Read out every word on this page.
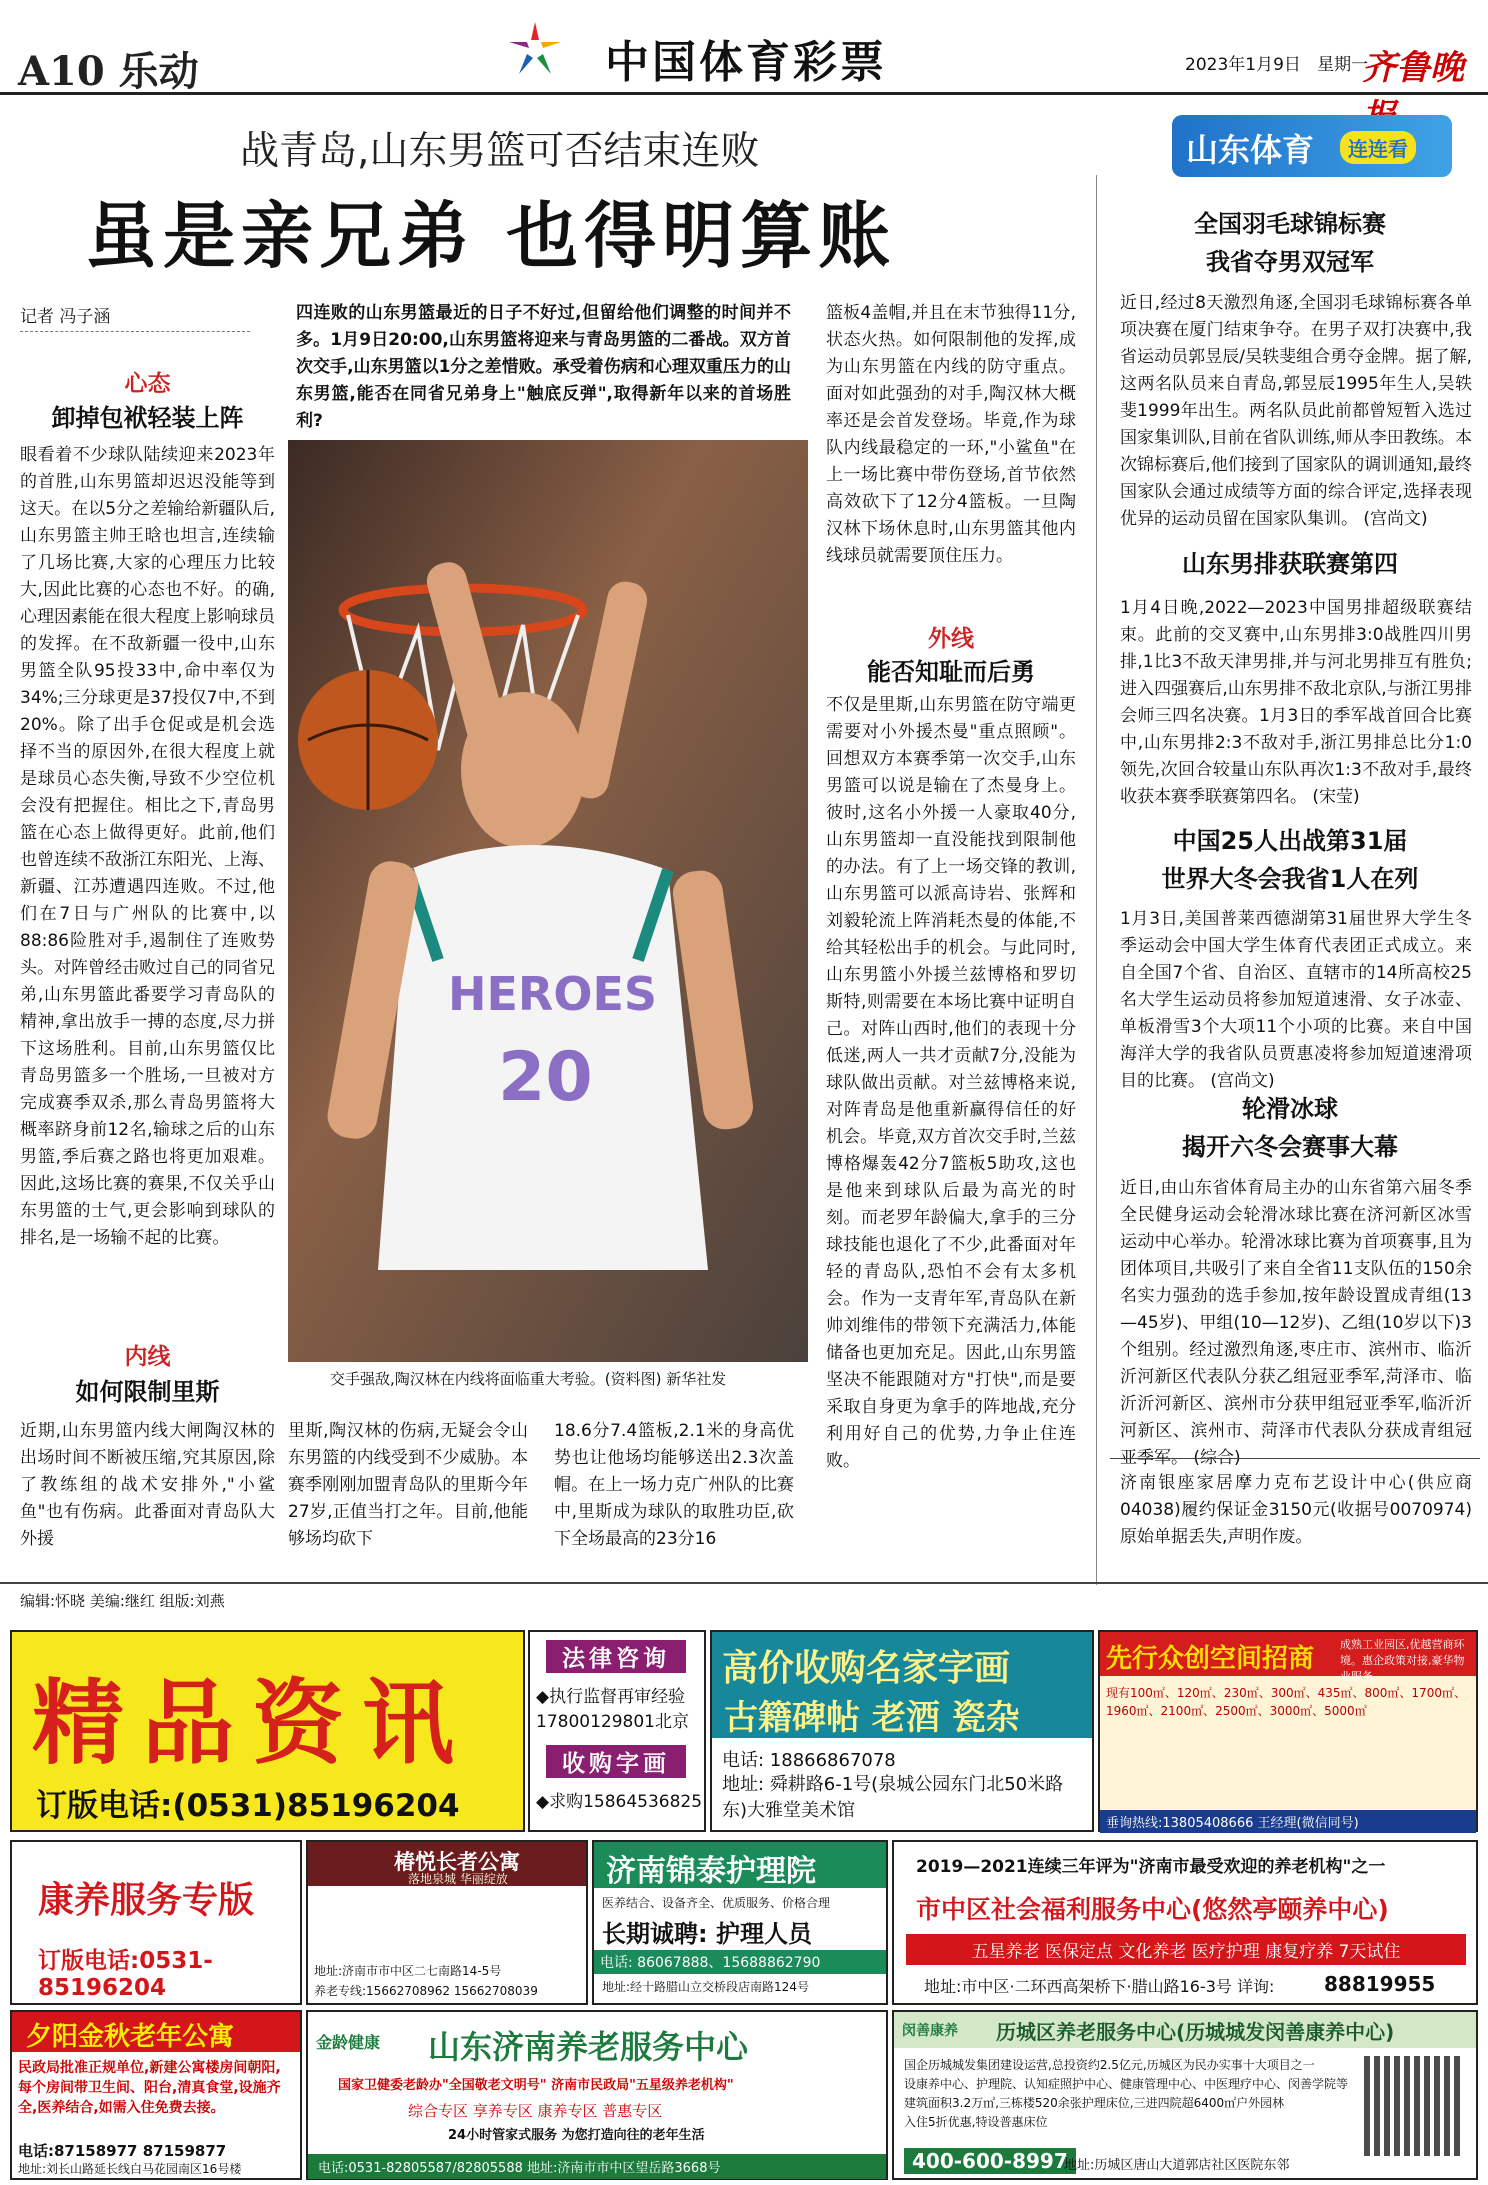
A10 乐动	中国体育彩票	2023年1月9日 星期一
齐鲁晚
战青岛,山东男篮可否结束连败
虽是亲兄弟 也得明算账
记者 冯子涵	四连败的山东男篮最近的日子不好过,但留给他们调整的时间并不多。1月9日20:00,山东男篮将迎来与青岛男篮的二番战。双方首次交手,山东男篮以1分之差惜败。承受着伤病和心理双重压力的山东男篮,能否在同省兄弟身上"触底反弹",取得新年以来的首场胜利?
心态
卸掉包袱轻装上阵
眼看着不少球队陆续迎来2023年的首胜,山东男篮却迟迟没能等到这天。在以5分之差输给新疆队后,山东男篮主帅王晗也坦言,连续输了几场比赛,大家的心理压力比较大,因此比赛的心态也不好。的确,心理因素能在很大程度上影响球员的发挥。在不敌新疆一役中,山东男篮全队95投33中,命中率仅为34%;三分球更是37投仅7中,不到20%。除了出手仓促或是机会选择不当的原因外,在很大程度上就是球员心态失衡,导致不少空位机会没有把握住。相比之下,青岛男篮在心态上做得更好。此前,他们也曾连续不敌浙江东阳光、上海、新疆、江苏遭遇四连败。不过,他们在7日与广州队的比赛中,以88:86险胜对手,遏制住了连败势头。对阵曾经击败过自己的同省兄弟,山东男篮此番要学习青岛队的精神,拿出放手一搏的态度,尽力拼下这场胜利。目前,山东男篮仅比青岛男篮多一个胜场,一旦被对方完成赛季双杀,那么青岛男篮将大概率跻身前12名,输球之后的山东男篮,季后赛之路也将更加艰难。因此,这场比赛的赛果,不仅关乎山东男篮的士气,更会影响到球队的排名,是一场输不起的比赛。
内线
如何限制里斯
近期,山东男篮内线大闸陶汉林的出场时间不断被压缩,究其原因,除了教练组的战术安排外,"小鲨鱼"也有伤病。此番面对青岛队大外援
HEROES
20
交手强敌,陶汉林在内线将面临重大考验。(资料图) 新华社发
里斯,陶汉林的伤病,无疑会令山东男篮的内线受到不少威胁。本赛季刚刚加盟青岛队的里斯今年27岁,正值当打之年。目前,他能够场均砍下
18.6分7.4篮板,2.1米的身高优势也让他场均能够送出2.3次盖帽。在上一场力克广州队的比赛中,里斯成为球队的取胜功臣,砍下全场最高的23分16
篮板4盖帽,并且在末节独得11分,状态火热。如何限制他的发挥,成为山东男篮在内线的防守重点。面对如此强劲的对手,陶汉林大概率还是会首发登场。毕竟,作为球队内线最稳定的一环,"小鲨鱼"在上一场比赛中带伤登场,首节依然高效砍下了12分4篮板。一旦陶汉林下场休息时,山东男篮其他内线球员就需要顶住压力。
外线
能否知耻而后勇
不仅是里斯,山东男篮在防守端更需要对小外援杰曼"重点照顾"。回想双方本赛季第一次交手,山东男篮可以说是输在了杰曼身上。彼时,这名小外援一人豪取40分,山东男篮却一直没能找到限制他的办法。有了上一场交锋的教训,山东男篮可以派高诗岩、张辉和刘毅轮流上阵消耗杰曼的体能,不给其轻松出手的机会。与此同时,山东男篮小外援兰兹博格和罗切斯特,则需要在本场比赛中证明自己。对阵山西时,他们的表现十分低迷,两人一共才贡献7分,没能为球队做出贡献。对兰兹博格来说,对阵青岛是他重新赢得信任的好机会。毕竟,双方首次交手时,兰兹博格爆轰42分7篮板5助攻,这也是他来到球队后最为高光的时刻。而老罗年龄偏大,拿手的三分球技能也退化了不少,此番面对年轻的青岛队,恐怕不会有太多机会。作为一支青年军,青岛队在新帅刘维伟的带领下充满活力,体能储备也更加充足。因此,山东男篮坚决不能跟随对方"打快",而是要采取自身更为拿手的阵地战,充分利用好自己的优势,力争止住连败。
山东体育	连连看
全国羽毛球锦标赛
我省夺男双冠军
近日,经过8天激烈角逐,全国羽毛球锦标赛各单项决赛在厦门结束争夺。在男子双打决赛中,我省运动员郭昱辰/吴轶斐组合勇夺金牌。据了解,这两名队员来自青岛,郭昱辰1995年生人,吴轶斐1999年出生。两名队员此前都曾短暂入选过国家集训队,目前在省队训练,师从李田教练。本次锦标赛后,他们接到了国家队的调训通知,最终国家队会通过成绩等方面的综合评定,选择表现优异的运动员留在国家队集训。 (宫尚文)
山东男排获联赛第四
1月4日晚,2022—2023中国男排超级联赛结束。此前的交叉赛中,山东男排3:0战胜四川男排,1比3不敌天津男排,并与河北男排互有胜负;进入四强赛后,山东男排不敌北京队,与浙江男排会师三四名决赛。1月3日的季军战首回合比赛中,山东男排2:3不敌对手,浙江男排总比分1:0领先,次回合较量山东队再次1:3不敌对手,最终收获本赛季联赛第四名。 (宋莹)
中国25人出战第31届
世界大冬会我省1人在列
1月3日,美国普莱西德湖第31届世界大学生冬季运动会中国大学生体育代表团正式成立。来自全国7个省、自治区、直辖市的14所高校25名大学生运动员将参加短道速滑、女子冰壶、单板滑雪3个大项11个小项的比赛。来自中国海洋大学的我省队员贾惠凌将参加短道速滑项目的比赛。 (宫尚文)
轮滑冰球
揭开六冬会赛事大幕
近日,由山东省体育局主办的山东省第六届冬季全民健身运动会轮滑冰球比赛在济河新区冰雪运动中心举办。轮滑冰球比赛为首项赛事,且为团体项目,共吸引了来自全省11支队伍的150余名实力强劲的选手参加,按年龄设置成青组(13—45岁)、甲组(10—12岁)、乙组(10岁以下)3个组别。经过激烈角逐,枣庄市、滨州市、临沂沂河新区代表队分获乙组冠亚季军,菏泽市、临沂沂河新区、滨州市分获甲组冠亚季军,临沂沂河新区、滨州市、菏泽市代表队分获成青组冠亚季军。 (综合)
济南银座家居摩力克布艺设计中心(供应商04038)履约保证金3150元(收据号0070974)原始单据丢失,声明作废。
编辑:怀晓 美编:继红 组版:刘燕
精品资讯
订版电话:(0531)85196204
法律咨询
◆执行监督再审经验
17800129801北京
收购字画
◆求购15864536825
高价收购名家字画
古籍碑帖 老酒 瓷杂
电话: 18866867078
地址: 舜耕路6-1号(泉城公园东门北50米路东)大雅堂美术馆
先行众创空间招商 成熟工业园区,优越营商环境。惠企政策对接,豪华物业服务。
现有100㎡、120㎡、230㎡、300㎡、435㎡、800㎡、1700㎡、1960㎡、2100㎡、2500㎡、3000㎡、5000㎡
垂询热线:13805408666 王经理(微信同号)
康养服务专版
订版电话:0531-85196204
椿悦长者公寓
落地泉城 华丽绽放
地址:济南市市中区二七南路14-5号
养老专线:15662708962 15662708039
济南锦泰护理院
医养结合、设备齐全、优质服务、价格合理
长期诚聘: 护理人员
电话: 86067888、15688862790
地址:经十路腊山立交桥段店南路124号
2019—2021连续三年评为"济南市最受欢迎的养老机构"之一
市中区社会福利服务中心(悠然亭颐养中心)
五星养老 医保定点 文化养老 医疗护理 康复疗养 7天试住
地址:市中区·二环西高架桥下·腊山路16-3号 详询: 88819955
夕阳金秋老年公寓
民政局批准正规单位,新建公寓楼房间朝阳,每个房间带卫生间、阳台,清真食堂,设施齐全,医养结合,如需入住免费去接。
电话:87158977 87159877
地址:刘长山路延长线白马花园南区16号楼
金龄健康 山东济南养老服务中心
国家卫健委老龄办"全国敬老文明号" 济南市民政局"五星级养老机构"
综合专区 享养专区 康养专区 普惠专区
24小时管家式服务 为您打造向往的老年生活
电话:0531-82805587/82805588 地址:济南市市中区望岳路3668号
闵善康养 历城区养老服务中心(历城城发闵善康养中心)
国企历城城发集团建设运营,总投资约2.5亿元,历城区为民办实事十大项目之一
设康养中心、护理院、认知症照护中心、健康管理中心、中医理疗中心、闵善学院等
建筑面积3.2万㎡,三栋楼520余张护理床位,三进四院超6400㎡户外园林
入住5折优惠,特设普惠床位
400-600-8997
地址:历城区唐山大道郭店社区医院东邻
